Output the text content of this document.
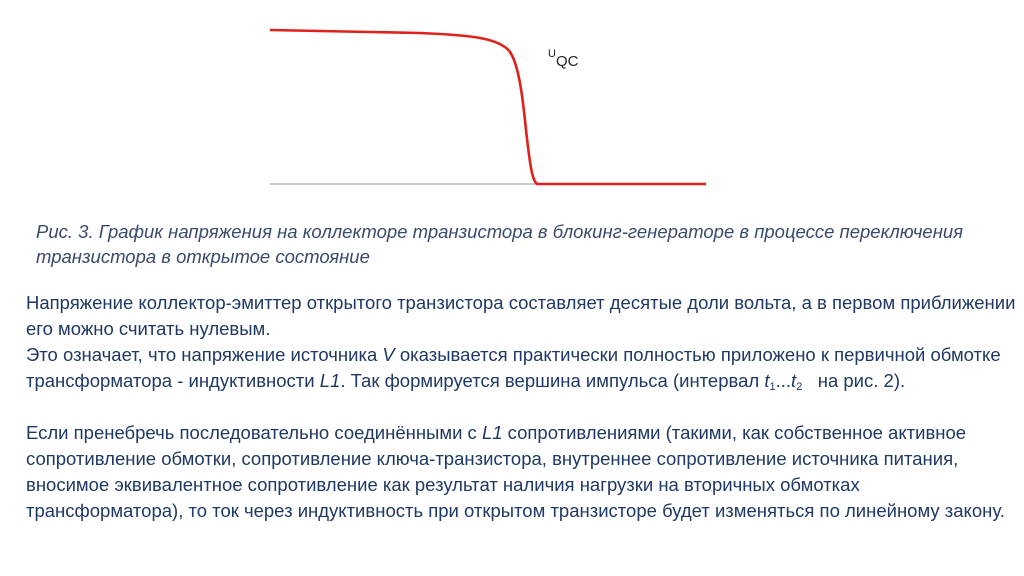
UQC

Рис. 3. График напряжения на коллекторе транзистора в блокинг-генераторе в процессе переключения транзистора в открытое состояние

Напряжение коллектор-эмиттер открытого транзистора составляет десятые доли вольта, а в первом приближении его можно считать нулевым.
Это означает, что напряжение источника V оказывается практически полностью приложено к первичной обмотке трансформатора - индуктивности L1. Так формируется вершина импульса (интервал $t_1...t_2$   на рис. 2).

Если пренебречь последовательно соединёнными с L1 сопротивлениями (такими, как собственное активное сопротивление обмотки, сопротивление ключа-транзистора, внутреннее сопротивление источника питания, вносимое эквивалентное сопротивление как результат наличия нагрузки на вторичных обмотках трансформатора), то ток через индуктивность при открытом транзисторе будет изменяться по линейному закону.
